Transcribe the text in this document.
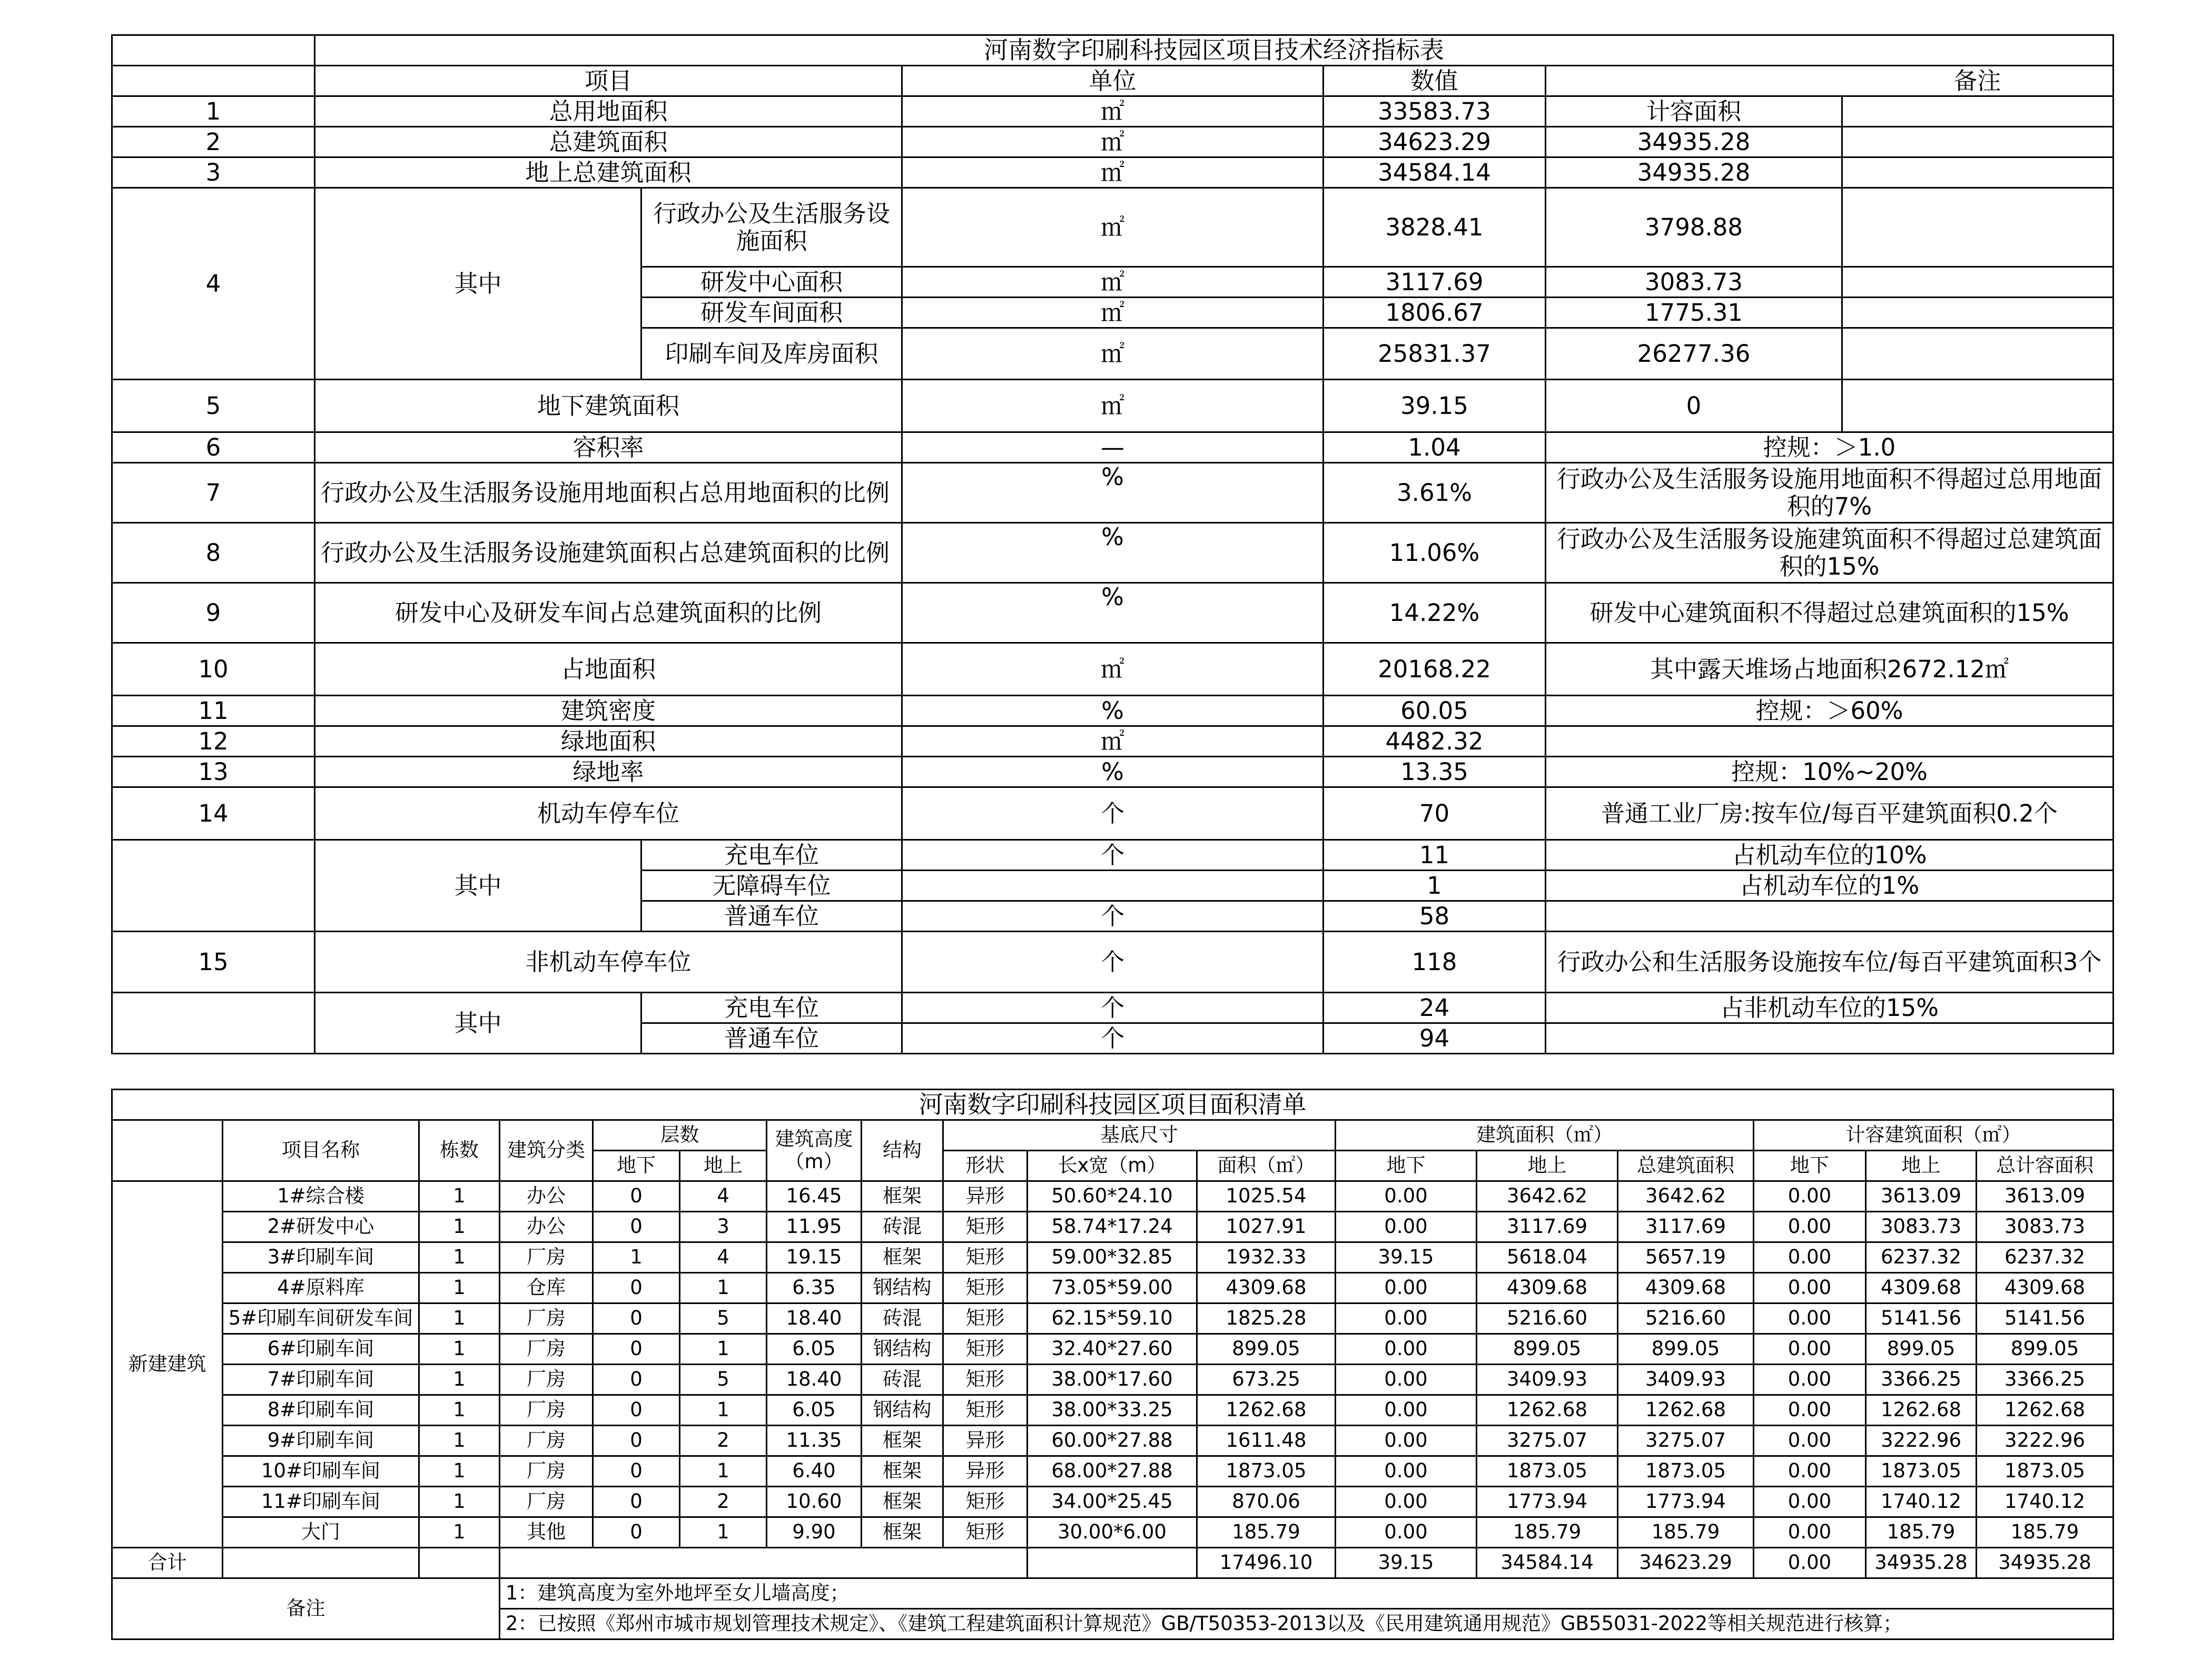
	河南数字印刷科技园区项目技术经济指标表					
	项目		单位	数值		备注
1	总用地面积		㎡	33583.73	计容面积	
2	总建筑面积		㎡	34623.29	34935.28	
3	地上总建筑面积		㎡	34584.14	34935.28	
4	其中	行政办公及生活服务设施面积	㎡	3828.41	3798.88	
		研发中心面积	㎡	3117.69	3083.73	
		研发车间面积	㎡	1806.67	1775.31	
		印刷车间及库房面积	㎡	25831.37	26277.36	
5	地下建筑面积		㎡	39.15	0	
6	容积率		—	1.04	控规：＞1.0	
7	行政办公及生活服务设施用地面积占总用地面积的比例		%	3.61%	行政办公及生活服务设施用地面积不得超过总用地面积的7%	
8	行政办公及生活服务设施建筑面积占总建筑面积的比例		%	11.06%	行政办公及生活服务设施建筑面积不得超过总建筑面积的15%	
9	研发中心及研发车间占总建筑面积的比例		%	14.22%	研发中心建筑面积不得超过总建筑面积的15%	
10	占地面积		㎡	20168.22	其中露天堆场占地面积2672.12㎡	
11	建筑密度		%	60.05	控规：＞60%	
12	绿地面积		㎡	4482.32		
13	绿地率		%	13.35	控规：10%~20%	
14	机动车停车位		个	70	普通工业厂房:按车位/每百平建筑面积0.2个	
	其中	充电车位	个	11	占机动车位的10%	
		无障碍车位		1	占机动车位的1%	
		普通车位	个	58		
15	非机动车停车位		个	118	行政办公和生活服务设施按车位/每百平建筑面积3个	
	其中	充电车位	个	24	占非机动车位的15%	
		普通车位	个	94		
河南数字印刷科技园区项目面积清单																
	项目名称	栋数	建筑分类	层数		建筑高度（m）	结构	基底尺寸			建筑面积（㎡）			计容建筑面积（㎡）		
				地下	地上			形状	长x宽（m）	面积（㎡）	地下	地上	总建筑面积	地下	地上	总计容面积
新建建筑	1#综合楼	1	办公	0	4	16.45	框架	异形	50.60*24.10	1025.54	0.00	3642.62	3642.62	0.00	3613.09	3613.09
	2#研发中心	1	办公	0	3	11.95	砖混	矩形	58.74*17.24	1027.91	0.00	3117.69	3117.69	0.00	3083.73	3083.73
	3#印刷车间	1	厂房	1	4	19.15	框架	矩形	59.00*32.85	1932.33	39.15	5618.04	5657.19	0.00	6237.32	6237.32
	4#原料库	1	仓库	0	1	6.35	钢结构	矩形	73.05*59.00	4309.68	0.00	4309.68	4309.68	0.00	4309.68	4309.68
	5#印刷车间研发车间	1	厂房	0	5	18.40	砖混	矩形	62.15*59.10	1825.28	0.00	5216.60	5216.60	0.00	5141.56	5141.56
	6#印刷车间	1	厂房	0	1	6.05	钢结构	矩形	32.40*27.60	899.05	0.00	899.05	899.05	0.00	899.05	899.05
	7#印刷车间	1	厂房	0	5	18.40	砖混	矩形	38.00*17.60	673.25	0.00	3409.93	3409.93	0.00	3366.25	3366.25
	8#印刷车间	1	厂房	0	1	6.05	钢结构	矩形	38.00*33.25	1262.68	0.00	1262.68	1262.68	0.00	1262.68	1262.68
	9#印刷车间	1	厂房	0	2	11.35	框架	异形	60.00*27.88	1611.48	0.00	3275.07	3275.07	0.00	3222.96	3222.96
	10#印刷车间	1	厂房	0	1	6.40	框架	异形	68.00*27.88	1873.05	0.00	1873.05	1873.05	0.00	1873.05	1873.05
	11#印刷车间	1	厂房	0	2	10.60	框架	矩形	34.00*25.45	870.06	0.00	1773.94	1773.94	0.00	1740.12	1740.12
	大门	1	其他	0	1	9.90	框架	矩形	30.00*6.00	185.79	0.00	185.79	185.79	0.00	185.79	185.79
合计										17496.10	39.15	34584.14	34623.29	0.00	34935.28	34935.28
备注			1：建筑高度为室外地坪至女儿墙高度；													
			2：已按照《郑州市城市规划管理技术规定》、《建筑工程建筑面积计算规范》GB/T50353-2013以及《民用建筑通用规范》GB55031-2022等相关规范进行核算；													
